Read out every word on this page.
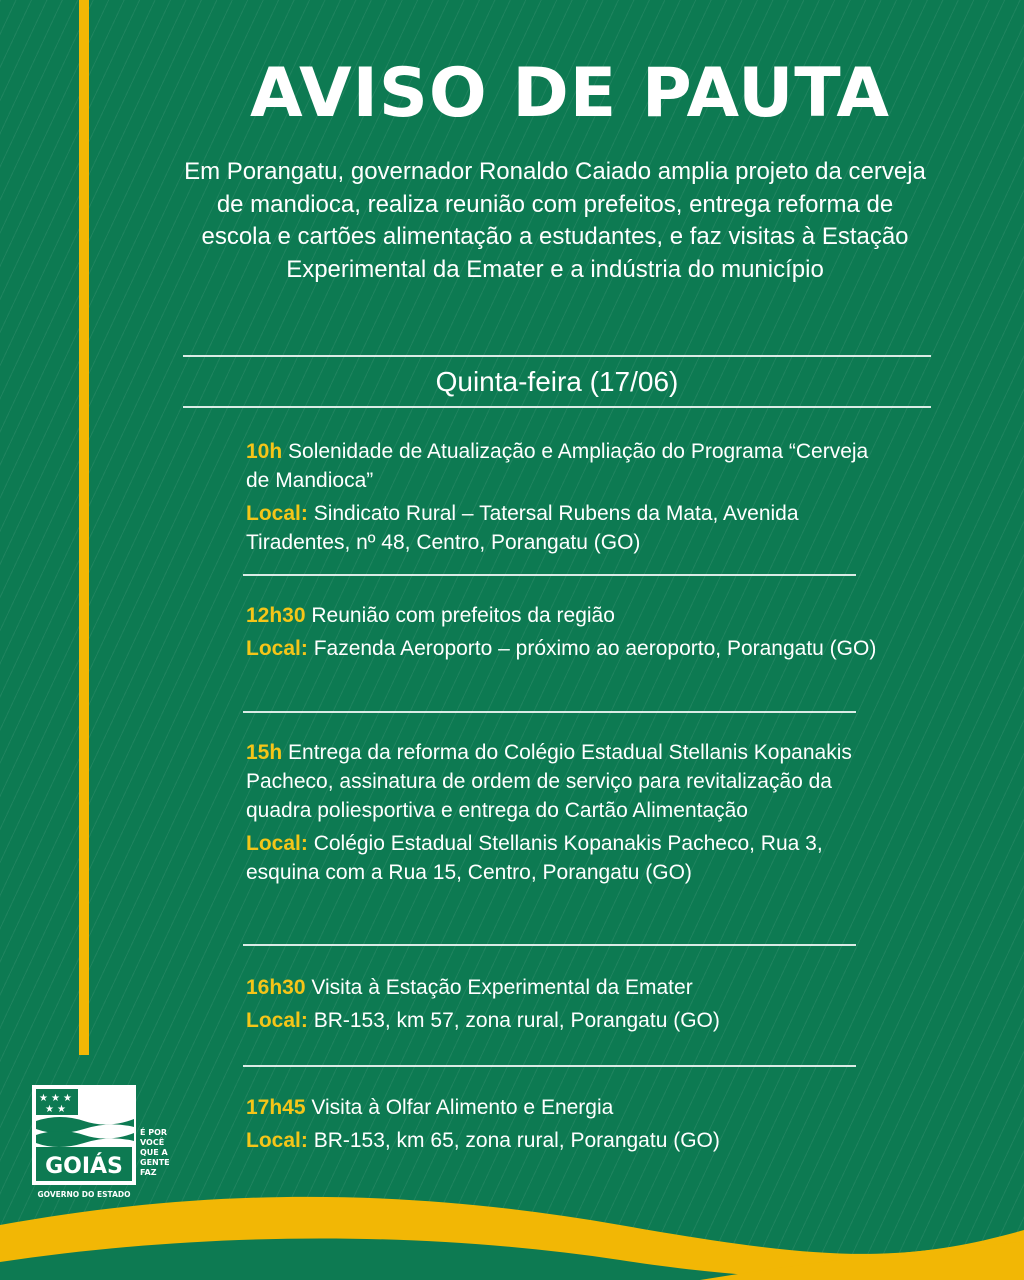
AVISO DE PAUTA
Em Porangatu, governador Ronaldo Caiado amplia projeto da cerveja de mandioca, realiza reunião com prefeitos, entrega reforma de escola e cartões alimentação a estudantes, e faz visitas à Estação Experimental da Emater e a indústria do município
Quinta-feira (17/06)

10h Solenidade de Atualização e Ampliação do Programa “Cerveja de Mandioca”

Local: Sindicato Rural – Tatersal Rubens da Mata, Avenida Tiradentes, nº 48, Centro, Porangatu (GO)

12h30 Reunião com prefeitos da região

Local: Fazenda Aeroporto – próximo ao aeroporto, Porangatu (GO)

15h Entrega da reforma do Colégio Estadual Stellanis Kopanakis Pacheco, assinatura de ordem de serviço para revitalização da quadra poliesportiva e entrega do Cartão Alimentação

Local: Colégio Estadual Stellanis Kopanakis Pacheco, Rua 3, esquina com a Rua 15, Centro, Porangatu (GO)

16h30 Visita à Estação Experimental da Emater

Local: BR-153, km 57, zona rural, Porangatu (GO)

17h45 Visita à Olfar Alimento e Energia

Local: BR-153, km 65, zona rural, Porangatu (GO)

★ ★ ★
★ ★
GOIÁS
É POR
VOCÊ
QUE A
GENTE
FAZ
GOVERNO DO ESTADO
